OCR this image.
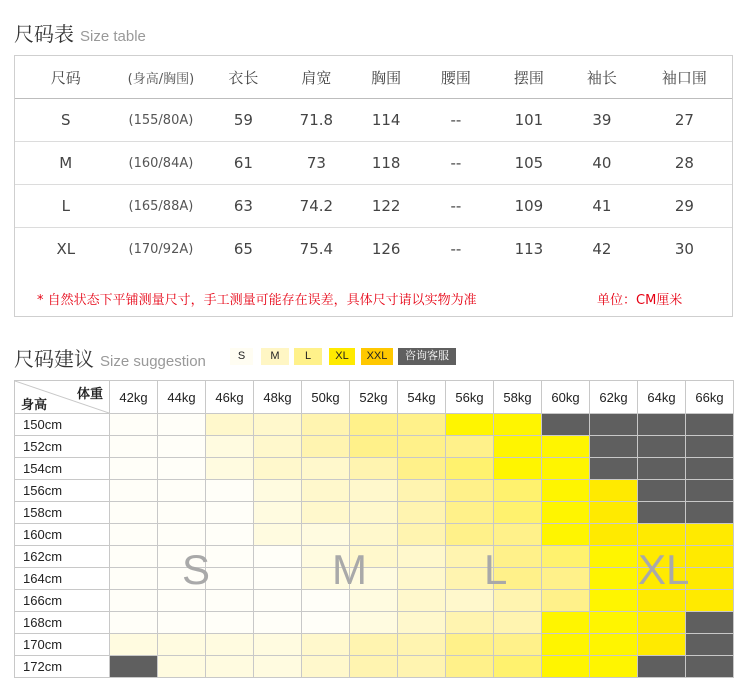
尺码表 Size table
尺码	(身高/胸围)	衣长	肩宽	胸围	腰围	摆围	袖长	袖口围
S	(155/80A)	59	71.8	114	--	101	39	27
M	(160/84A)	61	73	118	--	105	40	28
L	(165/88A)	63	74.2	122	--	109	41	29
XL	(170/92A)	65	75.4	126	--	113	42	30
* 自然状态下平铺测量尺寸，手工测量可能存在误差，具体尺寸请以实物为准	单位：CM厘米
尺码建议 Size suggestion	S	M	L	XL	XXL	咨询客服
体重
身高	42kg	44kg	46kg	48kg	50kg	52kg	54kg	56kg	58kg	60kg	62kg	64kg	66kg
150cm													
152cm													
154cm													
156cm													
158cm													
160cm													
162cm													
164cm													
166cm													
168cm													
170cm													
172cm													
S	M	L	XL
